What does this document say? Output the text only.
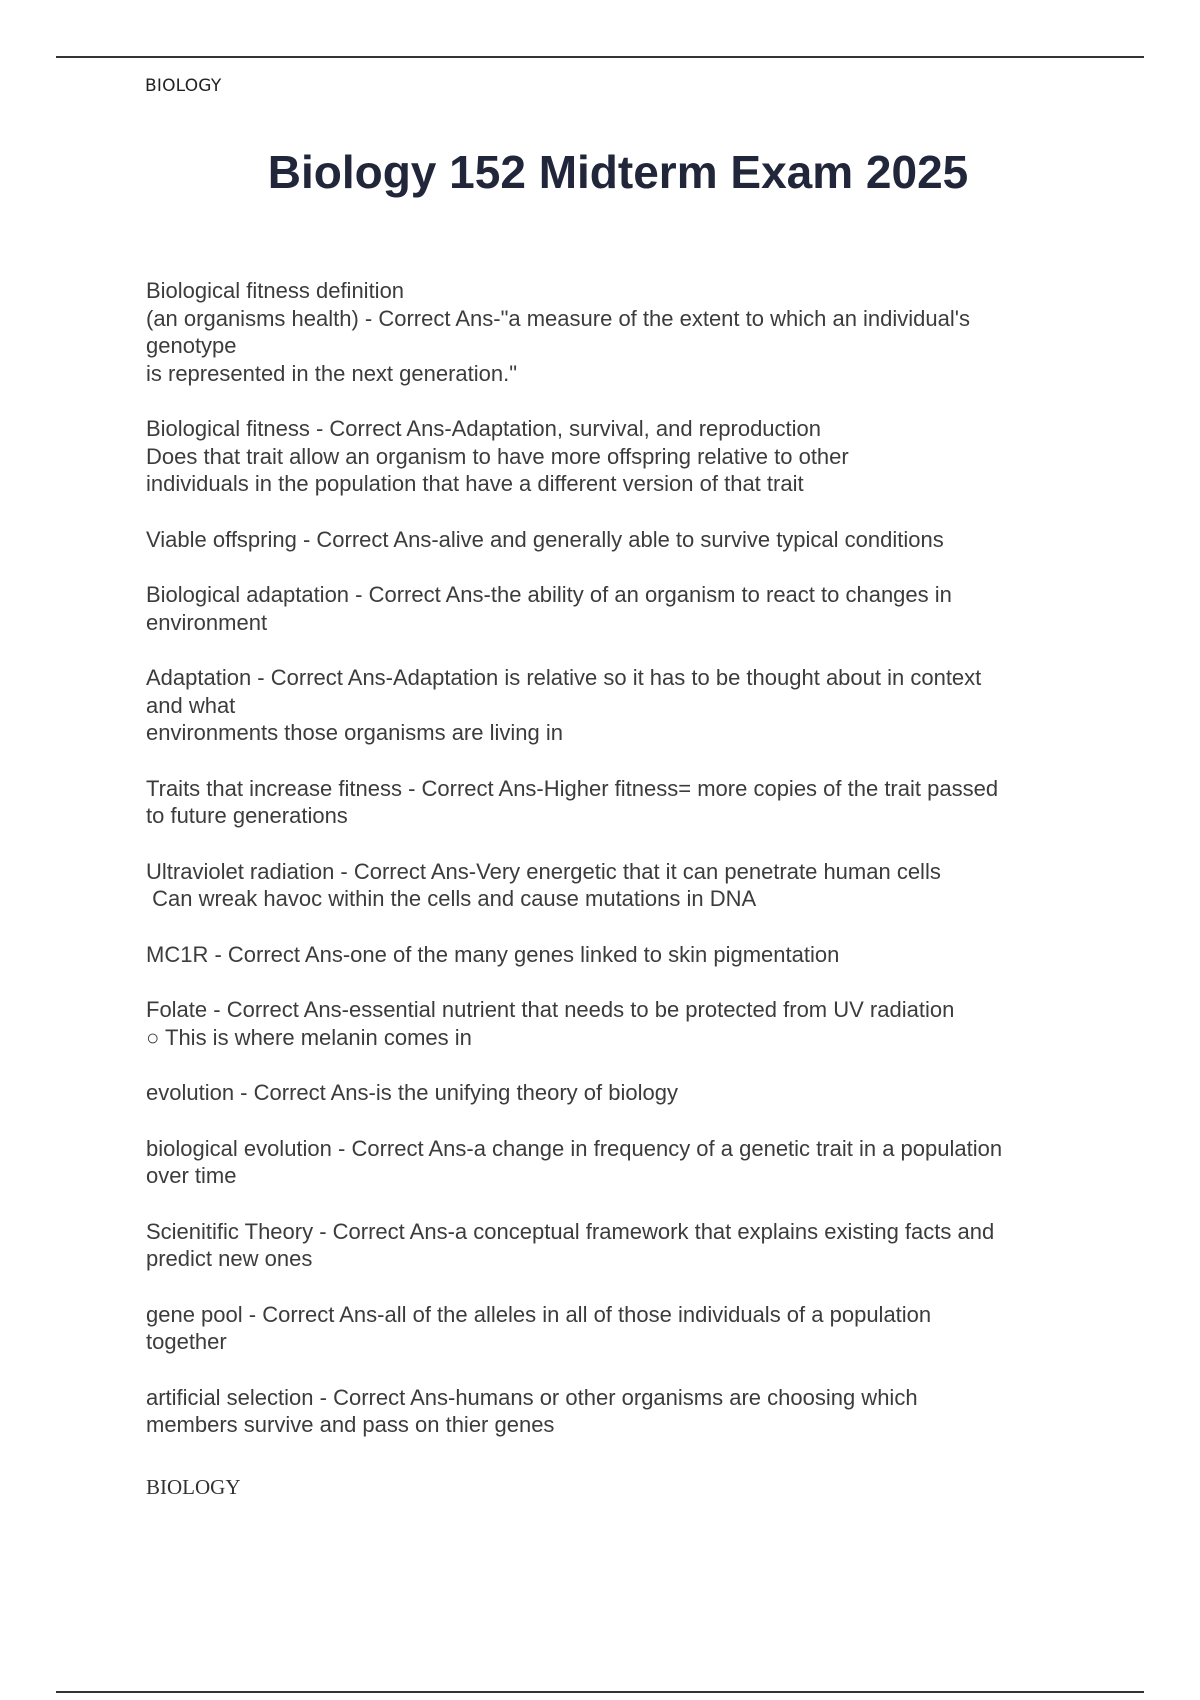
BIOLOGY
Biology 152 Midterm Exam 2025
Biological fitness definition
(an organisms health) - Correct Ans-"a measure of the extent to which an individual's
genotype
is represented in the next generation."
Biological fitness - Correct Ans-Adaptation, survival, and reproduction
Does that trait allow an organism to have more offspring relative to other
individuals in the population that have a different version of that trait
Viable offspring - Correct Ans-alive and generally able to survive typical conditions
Biological adaptation - Correct Ans-the ability of an organism to react to changes in
environment
Adaptation - Correct Ans-Adaptation is relative so it has to be thought about in context
and what
environments those organisms are living in
Traits that increase fitness - Correct Ans-Higher fitness= more copies of the trait passed
to future generations
Ultraviolet radiation - Correct Ans-Very energetic that it can penetrate human cells
Can wreak havoc within the cells and cause mutations in DNA
MC1R - Correct Ans-one of the many genes linked to skin pigmentation
Folate - Correct Ans-essential nutrient that needs to be protected from UV radiation
○ This is where melanin comes in
evolution - Correct Ans-is the unifying theory of biology
biological evolution - Correct Ans-a change in frequency of a genetic trait in a population
over time
Scienitific Theory - Correct Ans-a conceptual framework that explains existing facts and
predict new ones
gene pool - Correct Ans-all of the alleles in all of those individuals of a population
together
artificial selection - Correct Ans-humans or other organisms are choosing which
members survive and pass on thier genes
BIOLOGY
